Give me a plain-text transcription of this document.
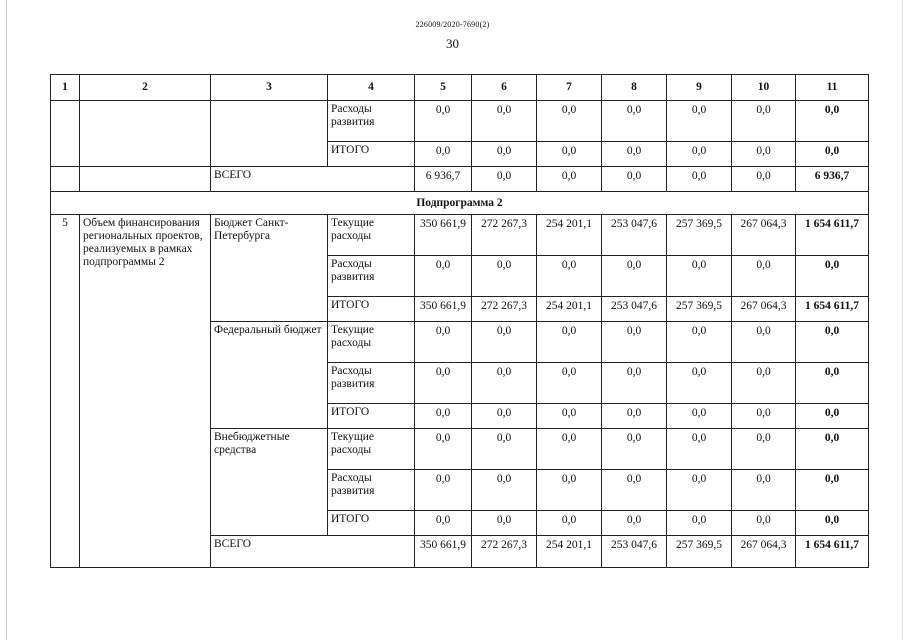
226009/2020-7690(2)
30
1	2	3	4	5	6	7	8	9	10	11
			Расходы развития	0,0	0,0	0,0	0,0	0,0	0,0	0,0
			ИТОГО	0,0	0,0	0,0	0,0	0,0	0,0	0,0
		ВСЕГО		6 936,7	0,0	0,0	0,0	0,0	0,0	6 936,7
Подпрограмма 2										
5	Объем финансирования региональных проектов, реализуемых в рамках подпрограммы 2	Бюджет Санкт-Петербурга	Текущие расходы	350 661,9	272 267,3	254 201,1	253 047,6	257 369,5	267 064,3	1 654 611,7
			Расходы развития	0,0	0,0	0,0	0,0	0,0	0,0	0,0
			ИТОГО	350 661,9	272 267,3	254 201,1	253 047,6	257 369,5	267 064,3	1 654 611,7
		Федеральный бюджет	Текущие расходы	0,0	0,0	0,0	0,0	0,0	0,0	0,0
			Расходы развития	0,0	0,0	0,0	0,0	0,0	0,0	0,0
			ИТОГО	0,0	0,0	0,0	0,0	0,0	0,0	0,0
		Внебюджетные средства	Текущие расходы	0,0	0,0	0,0	0,0	0,0	0,0	0,0
			Расходы развития	0,0	0,0	0,0	0,0	0,0	0,0	0,0
			ИТОГО	0,0	0,0	0,0	0,0	0,0	0,0	0,0
		ВСЕГО		350 661,9	272 267,3	254 201,1	253 047,6	257 369,5	267 064,3	1 654 611,7
